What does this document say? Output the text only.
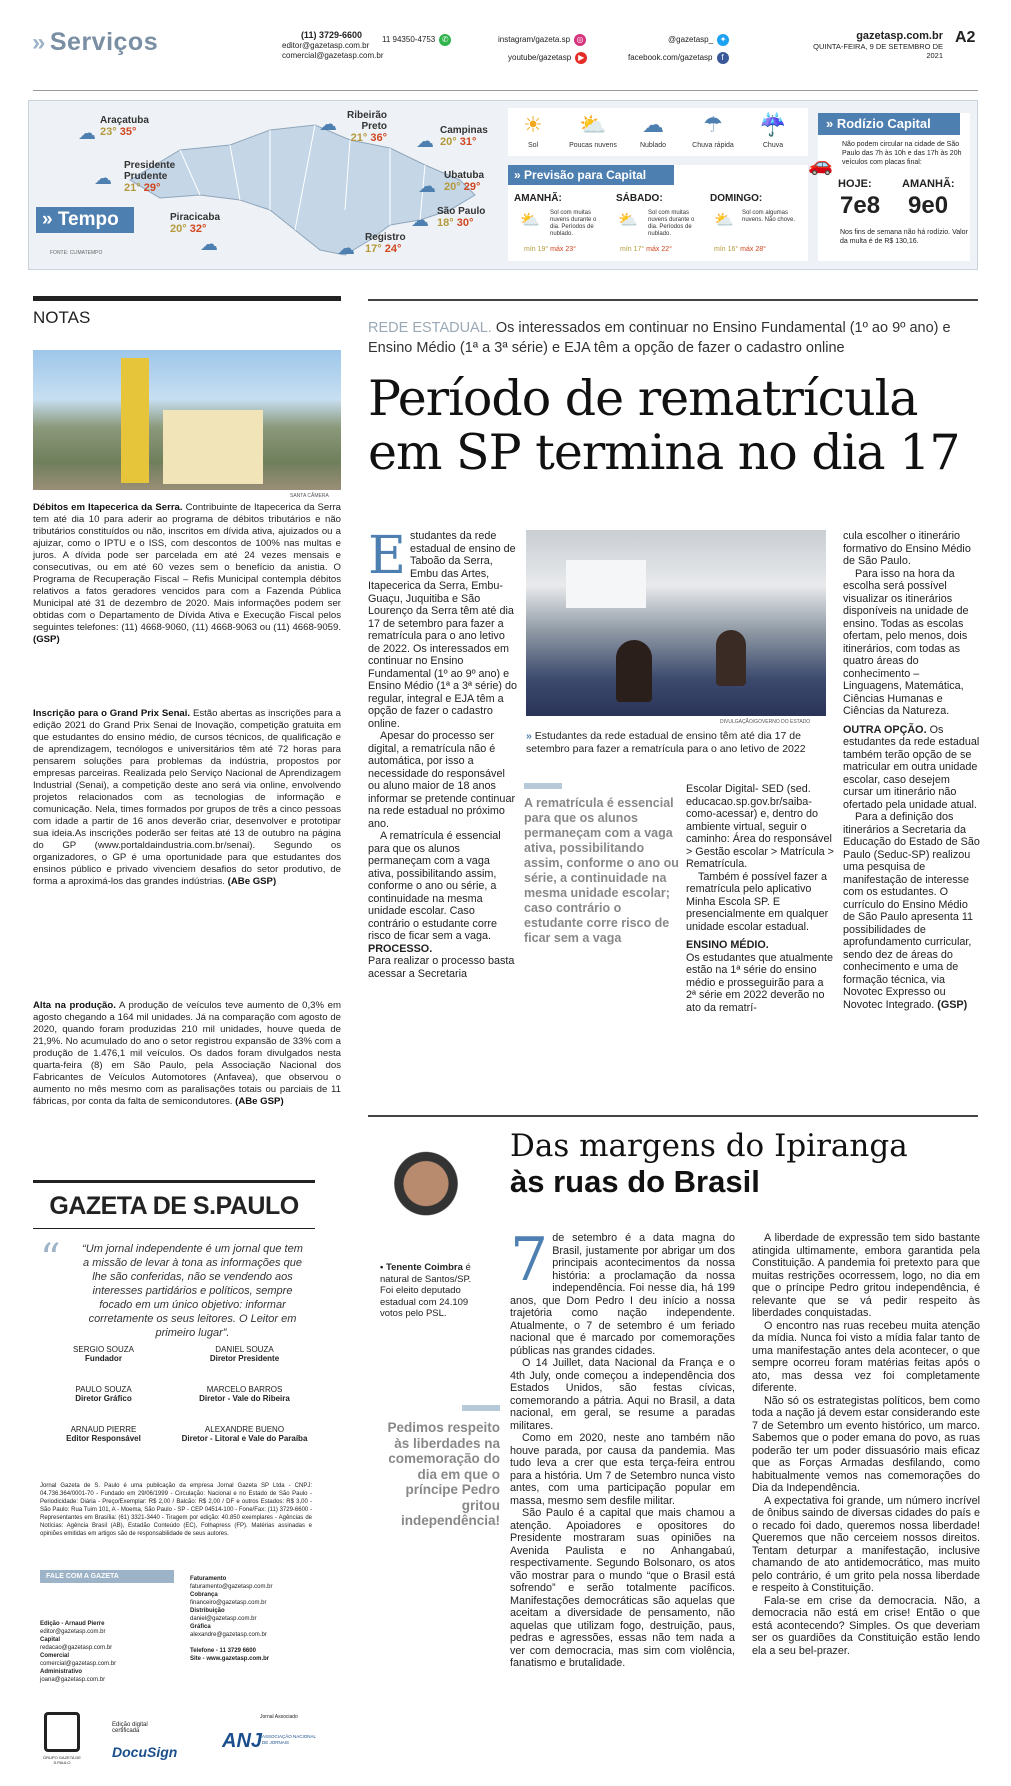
» Serviços	(11) 3729-6600
editor@gazetasp.com.br
comercial@gazetasp.com.br
11 94350-4753 ✆	instagram/gazeta.sp ◎
youtube/gazetasp ▶
@gazetasp_ ✦
facebook.com/gazetasp f
gazetasp.com.br
QUINTA-FEIRA, 9 DE SETEMBRO DE 2021
A2
☁
Araçatuba
23° 35°	☁ Ribeirão
Preto
21° 36° ☁
Campinas
20° 31°
☁
Presidente
Prudente
21° 29°	☁
Ubatuba
20° 29°
Piracicaba
20° 32°
☁
☁ São Paulo
18° 30°
☁
Registro
17° 24°
» Tempo
FONTE: CLIMATEMPO
☀
Sol
⛅
Poucas nuvens
☁
Nublado
☂
Chuva rápida
☔
Chuva
» Previsão para Capital
AMANHÃ:
Sol com muitas nuvens durante o dia. Períodos de nublado.
⛅
mín 19° máx 23°
SÁBADO:
Sol com muitas nuvens durante o dia. Períodos de nublado.
⛅
mín 17° máx 22°
DOMINGO:
Sol com algumas nuvens. Não chove.
⛅
mín 16° máx 28°
» Rodízio Capital
🚗
Não podem circular na cidade de São Paulo das 7h às 10h e das 17h às 20h veículos com placas final:
HOJE:	AMANHÃ:
7e8 9e0
Nos fins de semana não há rodízio. Valor da multa é de R$ 130,16.
NOTAS
SANTA CÂMERA
Débitos em Itapecerica da Serra. Contribuinte de Itapecerica da Serra tem até dia 10 para aderir ao programa de débitos tributários e não tributários constituídos ou não, inscritos em dívida ativa, ajuizados ou a ajuizar, como o IPTU e o ISS, com descontos de 100% nas multas e juros. A dívida pode ser parcelada em até 24 vezes mensais e consecutivas, ou em até 60 vezes sem o benefício da anistia. O Programa de Recuperação Fiscal – Refis Municipal contempla débitos relativos a fatos geradores vencidos para com a Fazenda Pública Municipal até 31 de dezembro de 2020. Mais informações podem ser obtidas com o Departamento de Dívida Ativa e Execução Fiscal pelos seguintes telefones: (11) 4668-9060, (11) 4668-9063 ou (11) 4668-9059. (GSP)
Inscrição para o Grand Prix Senai. Estão abertas as inscrições para a edição 2021 do Grand Prix Senai de Inovação, competição gratuita em que estudantes do ensino médio, de cursos técnicos, de qualificação e de aprendizagem, tecnólogos e universitários têm até 72 horas para pensarem soluções para problemas da indústria, propostos por empresas parceiras. Realizada pelo Serviço Nacional de Aprendizagem Industrial (Senai), a competição deste ano será via online, envolvendo projetos relacionados com as tecnologias de informação e comunicação. Nela, times formados por grupos de três a cinco pessoas com idade a partir de 16 anos deverão criar, desenvolver e prototipar sua ideia.As inscrições poderão ser feitas até 13 de outubro na página do GP (www.portaldaindustria.com.br/senai). Segundo os organizadores, o GP é uma oportunidade para que estudantes dos ensinos público e privado vivenciem desafios do setor produtivo, de forma a aproximá-los das grandes indústrias. (ABe GSP)
Alta na produção. A produção de veículos teve aumento de 0,3% em agosto chegando a 164 mil unidades. Já na comparação com agosto de 2020, quando foram produzidas 210 mil unidades, houve queda de 21,9%. No acumulado do ano o setor registrou expansão de 33% com a produção de 1.476,1 mil veículos. Os dados foram divulgados nesta quarta-feira (8) em São Paulo, pela Associação Nacional dos Fabricantes de Veículos Automotores (Anfavea), que observou o aumento no mês mesmo com as paralisações totais ou parciais de 11 fábricas, por conta da falta de semicondutores. (ABe GSP)
REDE ESTADUAL. Os interessados em continuar no Ensino Fundamental (1º ao 9º ano) e Ensino Médio (1ª a 3ª série) e EJA têm a opção de fazer o cadastro online
Período de rematrícula em SP termina no dia 17
Estudantes da rede estadual de ensino de Taboão da Serra, Embu das Artes, Itapecerica da Serra, Embu-Guaçu, Juquitiba e São Lourenço da Serra têm até dia 17 de setembro para fazer a rematrícula para o ano letivo de 2022. Os interessados em continuar no Ensino Fundamental (1º ao 9º ano) e Ensino Médio (1ª a 3ª série) do regular, integral e EJA têm a opção de fazer o cadastro online.
Apesar do processo ser digital, a rematrícula não é automática, por isso a necessidade do responsável ou aluno maior de 18 anos informar se pretende continuar na rede estadual no próximo ano.
A rematrícula é essencial para que os alunos permaneçam com a vaga ativa, possibilitando assim, conforme o ano ou série, a continuidade na mesma unidade escolar. Caso contrário o estudante corre risco de ficar sem a vaga.
PROCESSO.
Para realizar o processo basta acessar a Secretaria
DIVULGAÇÃO/GOVERNO DO ESTADO
» Estudantes da rede estadual de ensino têm até dia 17 de setembro para fazer a rematrícula para o ano letivo de 2022
A rematrícula é essencial para que os alunos permaneçam com a vaga ativa, possibilitando assim, conforme o ano ou série, a continuidade na mesma unidade escolar; caso contrário o estudante corre risco de ficar sem a vaga
Escolar Digital- SED (sed. educacao.sp.gov.br/saiba-como-acessar) e, dentro do ambiente virtual, seguir o caminho: Área do responsável > Gestão escolar > Matrícula > Rematrícula.
Também é possível fazer a rematrícula pelo aplicativo Minha Escola SP. E presencialmente em qualquer unidade escolar estadual.
ENSINO MÉDIO.
Os estudantes que atualmente estão na 1ª série do ensino médio e prosseguirão para a 2ª série em 2022 deverão no ato da rematrí-
cula escolher o itinerário formativo do Ensino Médio de São Paulo.
Para isso na hora da escolha será possível visualizar os itinerários disponíveis na unidade de ensino. Todas as escolas ofertam, pelo menos, dois itinerários, com todas as quatro áreas do conhecimento – Linguagens, Matemática, Ciências Humanas e Ciências da Natureza.
OUTRA OPÇÃO. Os estudantes da rede estadual também terão opção de se matricular em outra unidade escolar, caso desejem cursar um itinerário não ofertado pela unidade atual.
Para a definição dos itinerários a Secretaria da Educação do Estado de São Paulo (Seduc-SP) realizou uma pesquisa de manifestação de interesse com os estudantes. O currículo do Ensino Médio de São Paulo apresenta 11 possibilidades de aprofundamento curricular, sendo dez de áreas do conhecimento e uma de formação técnica, via Novotec Expresso ou Novotec Integrado. (GSP)
GAZETA DE S.PAULO
“Um jornal independente é um jornal que tem a missão de levar à tona as informações que lhe são conferidas, não se vendendo aos interesses partidários e políticos, sempre focado em um único objetivo: informar corretamente os seus leitores. O Leitor em primeiro lugar”.
“
SERGIO SOUZA
Fundador
DANIEL SOUZA
Diretor Presidente
PAULO SOUZA
Diretor Gráfico
MARCELO BARROS
Diretor - Vale do Ribeira
ARNAUD PIERRE
Editor Responsável
ALEXANDRE BUENO
Diretor - Litoral e Vale do Paraíba
Jornal Gazeta de S. Paulo é uma publicação da empresa Jornal Gazeta SP Ltda - CNPJ: 04.736.364/0001-70 - Fundado em 29/06/1999 - Circulação: Nacional e no Estado de São Paulo - Periodicidade: Diária - Preço/Exemplar: R$ 2,00 / Balcão: R$ 2,00 / DF e outros Estados: R$ 3,00 - São Paulo: Rua Tuim 101, A - Moema, São Paulo - SP - CEP 04514-100 - Fone/Fax: (11) 3729-6600 - Representantes em Brasília: (61) 3321-3440 - Tiragem por edição: 40.850 exemplares - Agências de Notícias: Agência Brasil (AB), Estadão Conteúdo (EC), Folhapress (FP). Matérias assinadas e opiniões emitidas em artigos são de responsabilidade de seus autores.
FALE COM A GAZETA
Edição - Arnaud Pierre
editor@gazetasp.com.br
Capital
redacao@gazetasp.com.br
Comercial
comercial@gazetasp.com.br
Administrativo
joana@gazetasp.com.br
Faturamento
faturamento@gazetasp.com.br
Cobrança
financeiro@gazetasp.com.br
Distribuição
daniel@gazetasp.com.br
Gráfica
alexandre@gazetasp.com.br

Telefone - 11 3729 6600
Site - www.gazetasp.com.br
GRUPO GAZETA DE S.PAULO
Edição digital certificada
DocuSign
Jornal Associado
ANJ ASSOCIAÇÃO NACIONAL DE JORNAIS
Das margens do Ipiranga
às ruas do Brasil
• Tenente Coimbra é natural de Santos/SP. Foi eleito deputado estadual com 24.109 votos pelo PSL.
Pedimos respeito às liberdades na comemoração do dia em que o príncipe Pedro gritou independência!
7 de setembro é a data magna do Brasil, justamente por abrigar um dos principais acontecimentos da nossa história: a proclamação da nossa independência. Foi nesse dia, há 199 anos, que Dom Pedro I deu início a nossa trajetória como nação independente. Atualmente, o 7 de setembro é um feriado nacional que é marcado por comemorações públicas nas grandes cidades.
O 14 Juillet, data Nacional da França e o 4th July, onde começou a independência dos Estados Unidos, são festas cívicas, comemorando a pátria. Aqui no Brasil, a data nacional, em geral, se resume a paradas militares.
Como em 2020, neste ano também não houve parada, por causa da pandemia. Mas tudo leva a crer que esta terça-feira entrou para a história. Um 7 de Setembro nunca visto antes, com uma participação popular em massa, mesmo sem desfile militar.
São Paulo é a capital que mais chamou a atenção. Apoiadores e opositores do Presidente mostraram suas opiniões na Avenida Paulista e no Anhangabaú, respectivamente. Segundo Bolsonaro, os atos vão mostrar para o mundo “que o Brasil está sofrendo” e serão totalmente pacíficos. Manifestações democráticas são aquelas que aceitam a diversidade de pensamento, não aquelas que utilizam fogo, destruição, paus, pedras e agressões, essas não tem nada a ver com democracia, mas sim com violência, fanatismo e brutalidade.
A liberdade de expressão tem sido bastante atingida ultimamente, embora garantida pela Constituição. A pandemia foi pretexto para que muitas restrições ocorressem, logo, no dia em que o príncipe Pedro gritou independência, é relevante que se vá pedir respeito às liberdades conquistadas.
O encontro nas ruas recebeu muita atenção da mídia. Nunca foi visto a mídia falar tanto de uma manifestação antes dela acontecer, o que sempre ocorreu foram matérias feitas após o ato, mas dessa vez foi completamente diferente.
Não só os estrategistas políticos, bem como toda a nação já devem estar considerando este 7 de Setembro um evento histórico, um marco. Sabemos que o poder emana do povo, as ruas poderão ter um poder dissuasório mais eficaz que as Forças Armadas desfilando, como habitualmente vemos nas comemorações do Dia da Independência.
A expectativa foi grande, um número incrível de ônibus saindo de diversas cidades do país e o recado foi dado, queremos nossa liberdade! Queremos que não cerceiem nossos direitos. Tentam deturpar a manifestação, inclusive chamando de ato antidemocrático, mas muito pelo contrário, é um grito pela nossa liberdade e respeito à Constituição.
Fala-se em crise da democracia. Não, a democracia não está em crise! Então o que está acontecendo? Simples. Os que deveriam ser os guardiões da Constituição estão lendo ela a seu bel-prazer.
